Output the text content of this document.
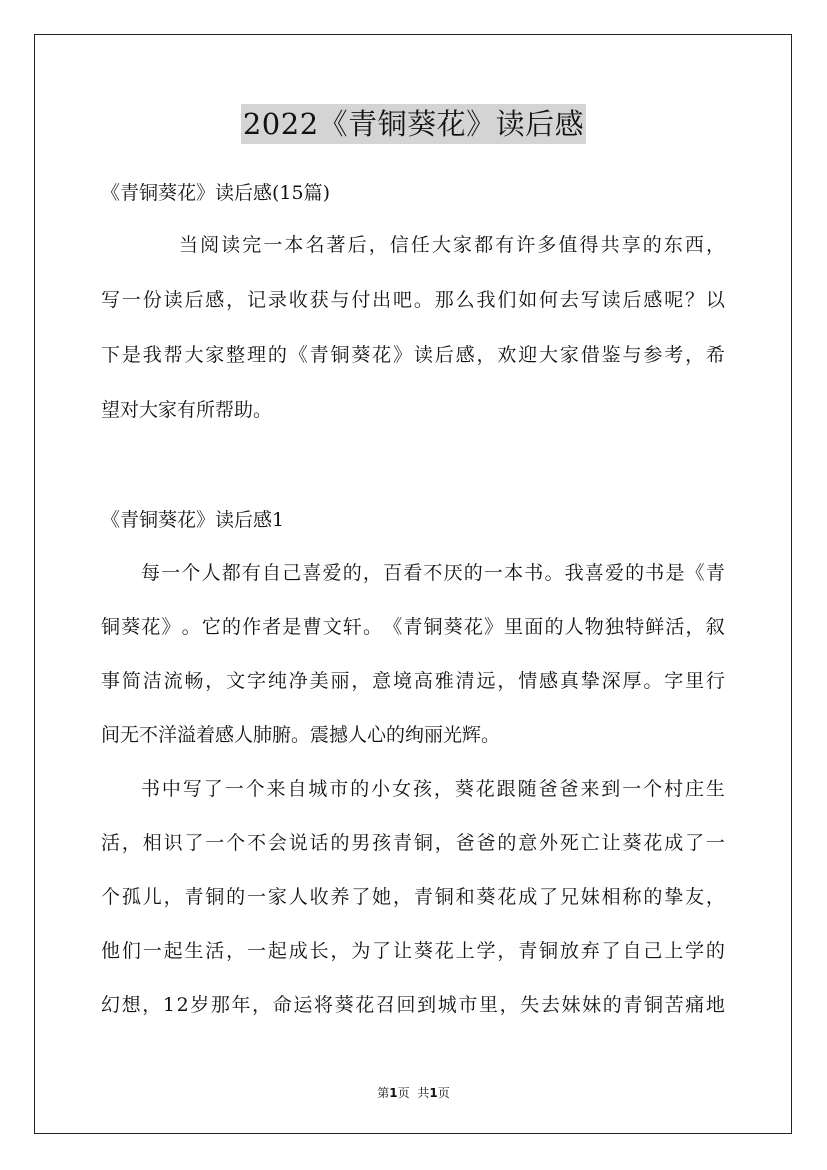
2022《青铜葵花》读后感
《青铜葵花》读后感(15篇)
当 阅 读 完 一 本 名 著 后 ， 信 任 大 家 都 有 许 多 值 得 共 享 的 东 西 ，
写 一 份 读 后 感 ， 记 录 收 获 与 付 出 吧 。 那 么 我 们 如 何 去 写 读 后 感 呢 ？ 以
下 是 我 帮 大 家 整 理 的 《 青 铜 葵 花 》 读 后 感 ， 欢 迎 大 家 借 鉴 与 参 考 ， 希
望对大家有所帮助。
《青铜葵花》读后感1
每 一 个 人 都 有 自 己 喜 爱 的 ， 百 看 不 厌 的 一 本 书 。 我 喜 爱 的 书 是 《 青
铜 葵 花 》 。 它 的 作 者 是 曹 文 轩 。 《 青 铜 葵 花 》 里 面 的 人 物 独 特 鲜 活 ， 叙
事 简 洁 流 畅 ， 文 字 纯 净 美 丽 ， 意 境 高 雅 清 远 ， 情 感 真 挚 深 厚 。 字 里 行
间无不洋溢着感人肺腑。震撼人心的绚丽光辉。
书 中 写 了 一 个 来 自 城 市 的 小 女 孩 ， 葵 花 跟 随 爸 爸 来 到 一 个 村 庄 生
活 ， 相 识 了 一 个 不 会 说 话 的 男 孩 青 铜 ， 爸 爸 的 意 外 死 亡 让 葵 花 成 了 一
个 孤 儿 ， 青 铜 的 一 家 人 收 养 了 她 ， 青 铜 和 葵 花 成 了 兄 妹 相 称 的 挚 友 ，
他 们 一 起 生 活 ， 一 起 成 长 ， 为 了 让 葵 花 上 学 ， 青 铜 放 弃 了 自 己 上 学 的
幻 想 ， 1 2 岁 那 年 ， 命 运 将 葵 花 召 回 到 城 市 里 ， 失 去 妹 妹 的 青 铜 苦 痛 地
第1页 共1页
